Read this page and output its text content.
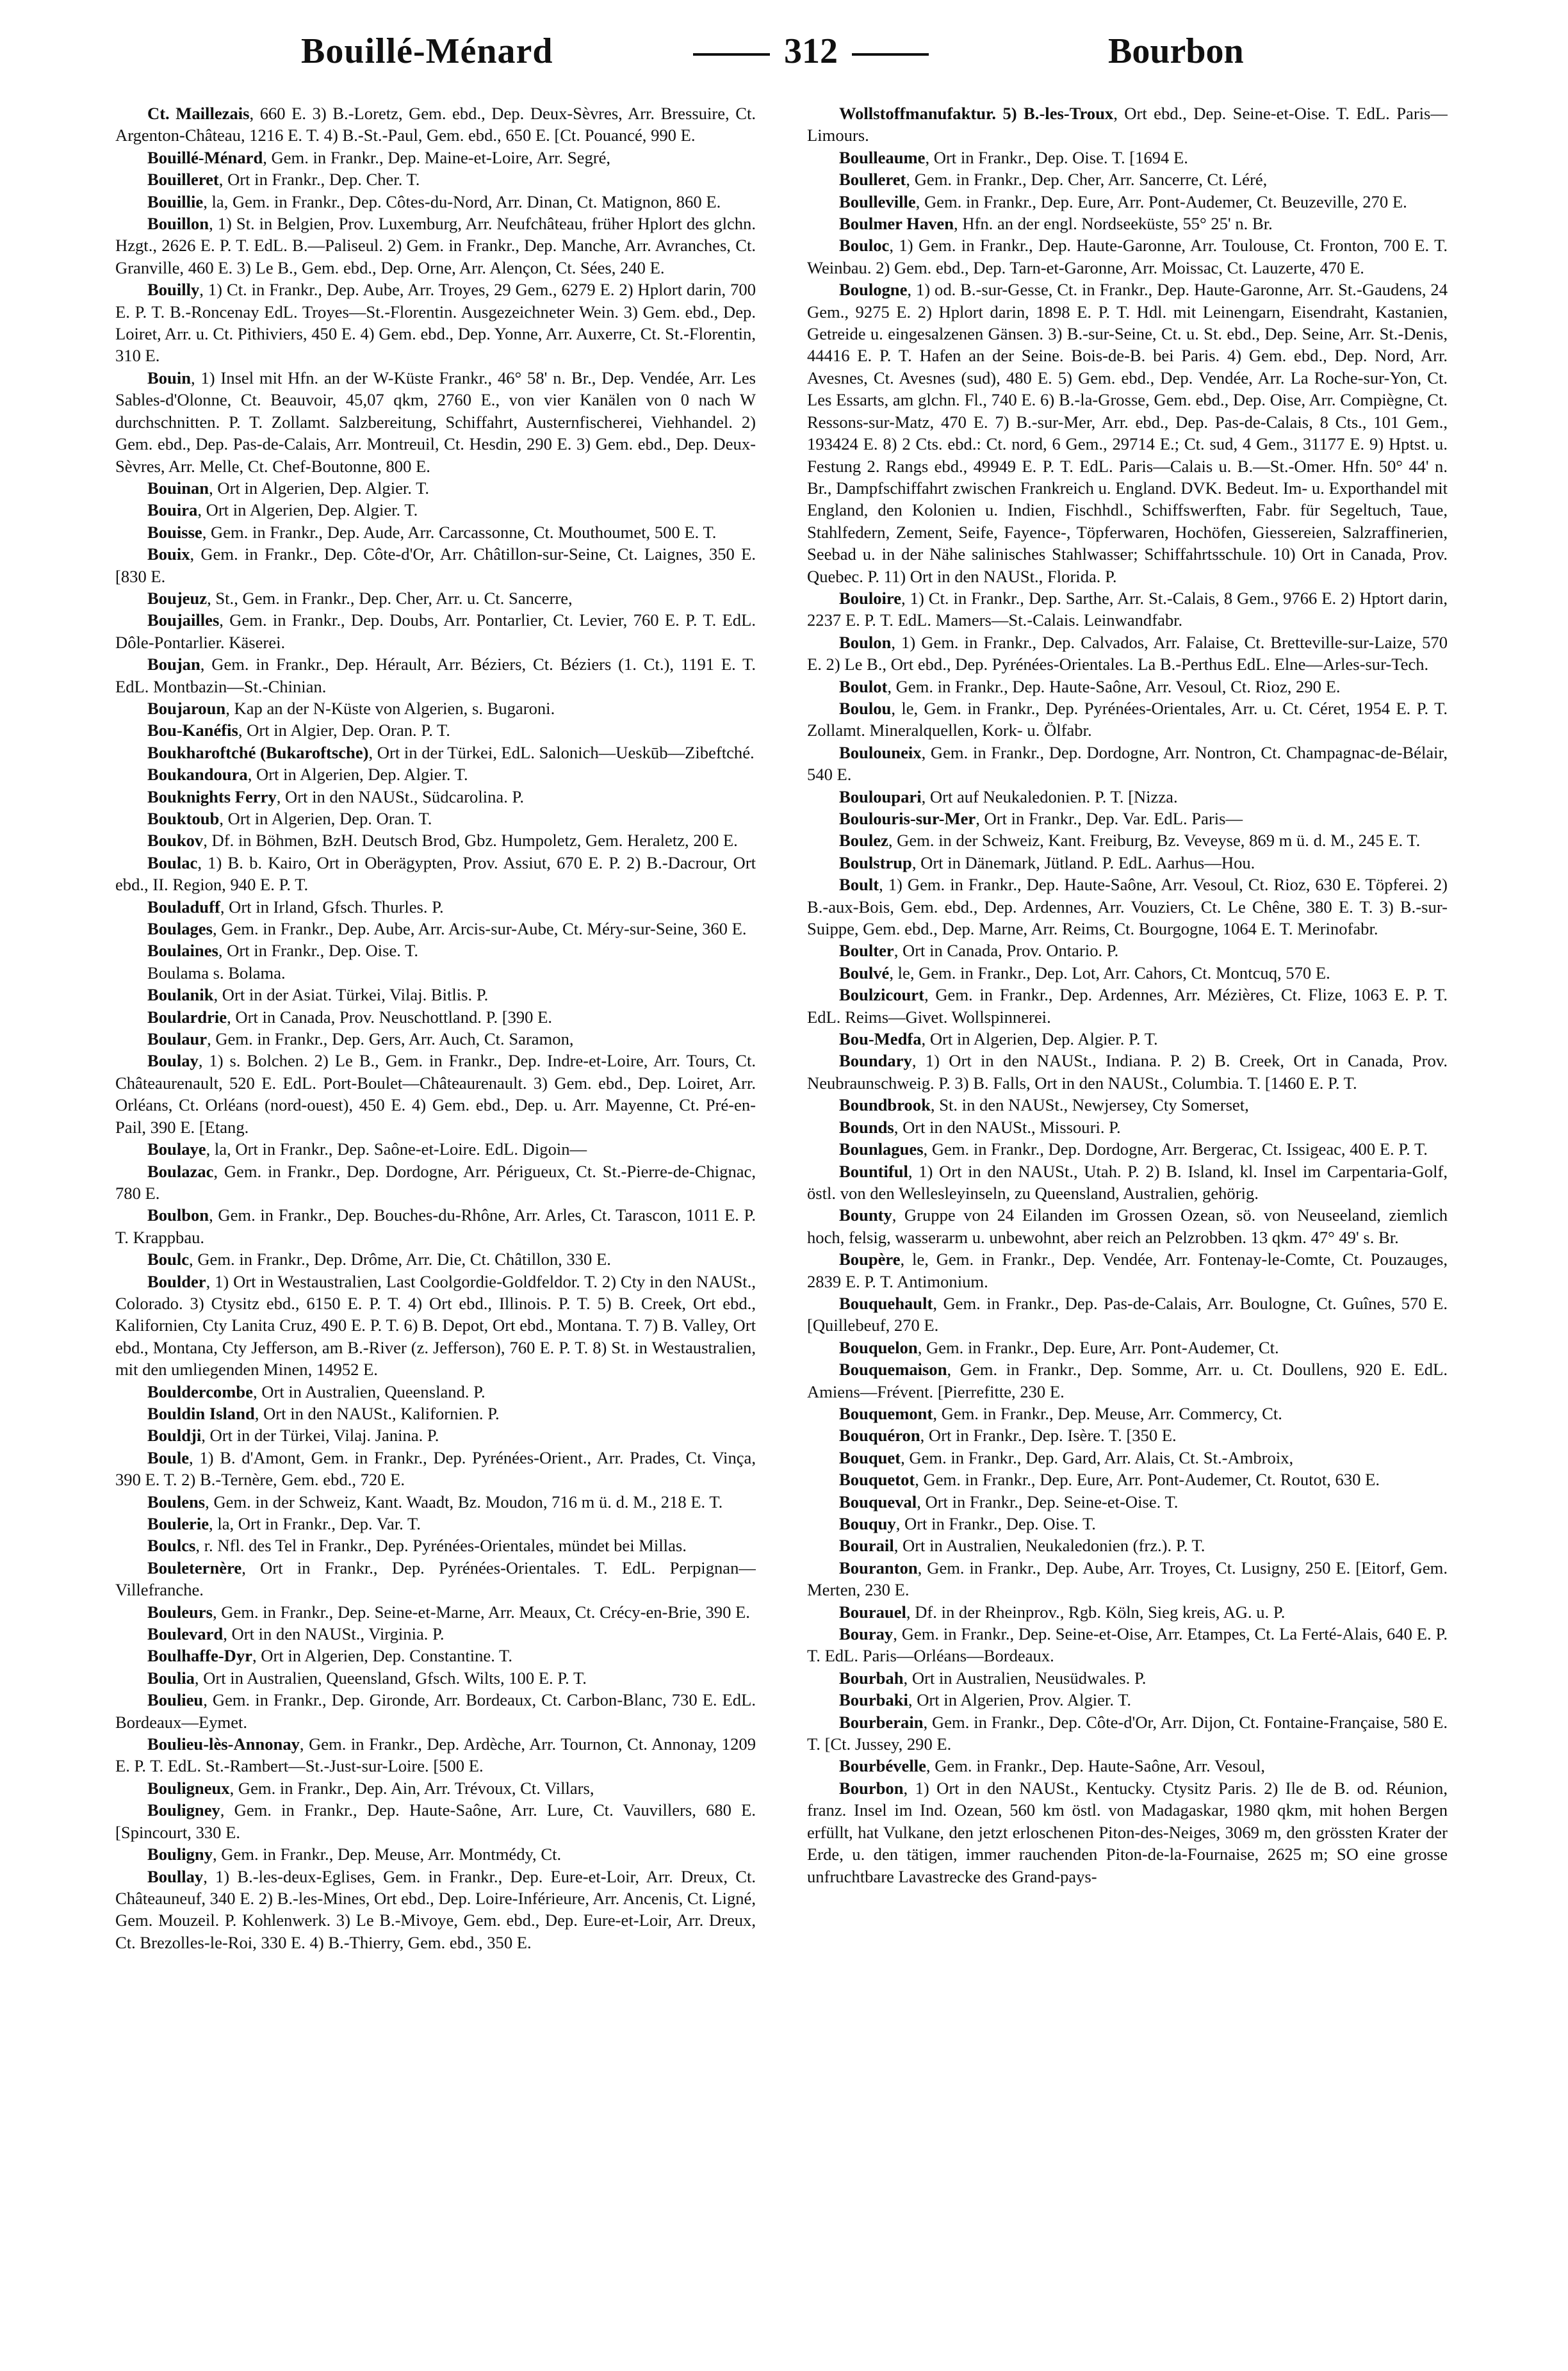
Bouillé-Ménard	312	Bourbon

Ct. Maillezais, 660 E. 3) B.-Loretz, Gem. ebd., Dep. Deux-Sèvres, Arr. Bressuire, Ct. Argenton-Château, 1216 E. T. 4) B.-St.-Paul, Gem. ebd., 650 E. [Ct. Pouancé, 990 E.

Bouillé-Ménard, Gem. in Frankr., Dep. Maine-et-Loire, Arr. Segré,

Bouilleret, Ort in Frankr., Dep. Cher. T.

Bouillie, la, Gem. in Frankr., Dep. Côtes-du-Nord, Arr. Dinan, Ct. Matignon, 860 E.

Bouillon, 1) St. in Belgien, Prov. Luxemburg, Arr. Neufchâteau, früher Hplort des glchn. Hzgt., 2626 E. P. T. EdL. B.—Paliseul. 2) Gem. in Frankr., Dep. Manche, Arr. Avranches, Ct. Granville, 460 E. 3) Le B., Gem. ebd., Dep. Orne, Arr. Alençon, Ct. Sées, 240 E.

Bouilly, 1) Ct. in Frankr., Dep. Aube, Arr. Troyes, 29 Gem., 6279 E. 2) Hplort darin, 700 E. P. T. B.-Roncenay EdL. Troyes—St.-Florentin. Ausgezeichneter Wein. 3) Gem. ebd., Dep. Loiret, Arr. u. Ct. Pithiviers, 450 E. 4) Gem. ebd., Dep. Yonne, Arr. Auxerre, Ct. St.-Florentin, 310 E.

Bouin, 1) Insel mit Hfn. an der W-Küste Frankr., 46° 58' n. Br., Dep. Vendée, Arr. Les Sables-d'Olonne, Ct. Beauvoir, 45,07 qkm, 2760 E., von vier Kanälen von 0 nach W durchschnitten. P. T. Zollamt. Salzbereitung, Schiffahrt, Austernfischerei, Viehhandel. 2) Gem. ebd., Dep. Pas-de-Calais, Arr. Montreuil, Ct. Hesdin, 290 E. 3) Gem. ebd., Dep. Deux-Sèvres, Arr. Melle, Ct. Chef-Boutonne, 800 E.

Bouinan, Ort in Algerien, Dep. Algier. T.

Bouira, Ort in Algerien, Dep. Algier. T.

Bouisse, Gem. in Frankr., Dep. Aude, Arr. Carcassonne, Ct. Mouthoumet, 500 E. T.

Bouix, Gem. in Frankr., Dep. Côte-d'Or, Arr. Châtillon-sur-Seine, Ct. Laignes, 350 E. [830 E.

Boujeuz, St., Gem. in Frankr., Dep. Cher, Arr. u. Ct. Sancerre,

Boujailles, Gem. in Frankr., Dep. Doubs, Arr. Pontarlier, Ct. Levier, 760 E. P. T. EdL. Dôle-Pontarlier. Käserei.

Boujan, Gem. in Frankr., Dep. Hérault, Arr. Béziers, Ct. Béziers (1. Ct.), 1191 E. T. EdL. Montbazin—St.-Chinian.

Boujaroun, Kap an der N-Küste von Algerien, s. Bugaroni.

Bou-Kanéfis, Ort in Algier, Dep. Oran. P. T.

Boukharoftché (Bukaroftsche), Ort in der Türkei, EdL. Salonich—Ueskūb—Zibeftché.

Boukandoura, Ort in Algerien, Dep. Algier. T.

Bouknights Ferry, Ort in den NAUSt., Südcarolina. P.

Bouktoub, Ort in Algerien, Dep. Oran. T.

Boukov, Df. in Böhmen, BzH. Deutsch Brod, Gbz. Humpoletz, Gem. Heraletz, 200 E.

Boulac, 1) B. b. Kairo, Ort in Oberägypten, Prov. Assiut, 670 E. P. 2) B.-Dacrour, Ort ebd., II. Region, 940 E. P. T.

Bouladuff, Ort in Irland, Gfsch. Thurles. P.

Boulages, Gem. in Frankr., Dep. Aube, Arr. Arcis-sur-Aube, Ct. Méry-sur-Seine, 360 E.

Boulaines, Ort in Frankr., Dep. Oise. T.

Boulama s. Bolama.

Boulanik, Ort in der Asiat. Türkei, Vilaj. Bitlis. P.

Boulardrie, Ort in Canada, Prov. Neuschottland. P. [390 E.

Boulaur, Gem. in Frankr., Dep. Gers, Arr. Auch, Ct. Saramon,

Boulay, 1) s. Bolchen. 2) Le B., Gem. in Frankr., Dep. Indre-et-Loire, Arr. Tours, Ct. Châteaurenault, 520 E. EdL. Port-Boulet—Châteaurenault. 3) Gem. ebd., Dep. Loiret, Arr. Orléans, Ct. Orléans (nord-ouest), 450 E. 4) Gem. ebd., Dep. u. Arr. Mayenne, Ct. Pré-en-Pail, 390 E. [Etang.

Boulaye, la, Ort in Frankr., Dep. Saône-et-Loire. EdL. Digoin—

Boulazac, Gem. in Frankr., Dep. Dordogne, Arr. Périgueux, Ct. St.-Pierre-de-Chignac, 780 E.

Boulbon, Gem. in Frankr., Dep. Bouches-du-Rhône, Arr. Arles, Ct. Tarascon, 1011 E. P. T. Krappbau.

Boulc, Gem. in Frankr., Dep. Drôme, Arr. Die, Ct. Châtillon, 330 E.

Boulder, 1) Ort in Westaustralien, Last Coolgordie-Goldfeldor. T. 2) Cty in den NAUSt., Colorado. 3) Ctysitz ebd., 6150 E. P. T. 4) Ort ebd., Illinois. P. T. 5) B. Creek, Ort ebd., Kalifornien, Cty Lanita Cruz, 490 E. P. T. 6) B. Depot, Ort ebd., Montana. T. 7) B. Valley, Ort ebd., Montana, Cty Jefferson, am B.-River (z. Jefferson), 760 E. P. T. 8) St. in Westaustralien, mit den umliegenden Minen, 14952 E.

Bouldercombe, Ort in Australien, Queensland. P.

Bouldin Island, Ort in den NAUSt., Kalifornien. P.

Bouldji, Ort in der Türkei, Vilaj. Janina. P.

Boule, 1) B. d'Amont, Gem. in Frankr., Dep. Pyrénées-Orient., Arr. Prades, Ct. Vinça, 390 E. T. 2) B.-Ternère, Gem. ebd., 720 E.

Boulens, Gem. in der Schweiz, Kant. Waadt, Bz. Moudon, 716 m ü. d. M., 218 E. T.

Boulerie, la, Ort in Frankr., Dep. Var. T.

Boulcs, r. Nfl. des Tel in Frankr., Dep. Pyrénées-Orientales, mündet bei Millas.

Bouleternère, Ort in Frankr., Dep. Pyrénées-Orientales. T. EdL. Perpignan—Villefranche.

Bouleurs, Gem. in Frankr., Dep. Seine-et-Marne, Arr. Meaux, Ct. Crécy-en-Brie, 390 E.

Boulevard, Ort in den NAUSt., Virginia. P.

Boulhaffe-Dyr, Ort in Algerien, Dep. Constantine. T.

Boulia, Ort in Australien, Queensland, Gfsch. Wilts, 100 E. P. T.

Boulieu, Gem. in Frankr., Dep. Gironde, Arr. Bordeaux, Ct. Carbon-Blanc, 730 E. EdL. Bordeaux—Eymet.

Boulieu-lès-Annonay, Gem. in Frankr., Dep. Ardèche, Arr. Tournon, Ct. Annonay, 1209 E. P. T. EdL. St.-Rambert—St.-Just-sur-Loire. [500 E.

Bouligneux, Gem. in Frankr., Dep. Ain, Arr. Trévoux, Ct. Villars,

Bouligney, Gem. in Frankr., Dep. Haute-Saône, Arr. Lure, Ct. Vauvillers, 680 E. [Spincourt, 330 E.

Bouligny, Gem. in Frankr., Dep. Meuse, Arr. Montmédy, Ct.

Boullay, 1) B.-les-deux-Eglises, Gem. in Frankr., Dep. Eure-et-Loir, Arr. Dreux, Ct. Châteauneuf, 340 E. 2) B.-les-Mines, Ort ebd., Dep. Loire-Inférieure, Arr. Ancenis, Ct. Ligné, Gem. Mouzeil. P. Kohlenwerk. 3) Le B.-Mivoye, Gem. ebd., Dep. Eure-et-Loir, Arr. Dreux, Ct. Brezolles-le-Roi, 330 E. 4) B.-Thierry, Gem. ebd., 350 E.

Wollstoffmanufaktur. 5) B.-les-Troux, Ort ebd., Dep. Seine-et-Oise. T. EdL. Paris—Limours.

Boulleaume, Ort in Frankr., Dep. Oise. T. [1694 E.

Boulleret, Gem. in Frankr., Dep. Cher, Arr. Sancerre, Ct. Léré,

Boulleville, Gem. in Frankr., Dep. Eure, Arr. Pont-Audemer, Ct. Beuzeville, 270 E.

Boulmer Haven, Hfn. an der engl. Nordseeküste, 55° 25' n. Br.

Bouloc, 1) Gem. in Frankr., Dep. Haute-Garonne, Arr. Toulouse, Ct. Fronton, 700 E. T. Weinbau. 2) Gem. ebd., Dep. Tarn-et-Garonne, Arr. Moissac, Ct. Lauzerte, 470 E.

Boulogne, 1) od. B.-sur-Gesse, Ct. in Frankr., Dep. Haute-Garonne, Arr. St.-Gaudens, 24 Gem., 9275 E. 2) Hplort darin, 1898 E. P. T. Hdl. mit Leinengarn, Eisendraht, Kastanien, Getreide u. eingesalzenen Gänsen. 3) B.-sur-Seine, Ct. u. St. ebd., Dep. Seine, Arr. St.-Denis, 44416 E. P. T. Hafen an der Seine. Bois-de-B. bei Paris. 4) Gem. ebd., Dep. Nord, Arr. Avesnes, Ct. Avesnes (sud), 480 E. 5) Gem. ebd., Dep. Vendée, Arr. La Roche-sur-Yon, Ct. Les Essarts, am glchn. Fl., 740 E. 6) B.-la-Grosse, Gem. ebd., Dep. Oise, Arr. Compiègne, Ct. Ressons-sur-Matz, 470 E. 7) B.-sur-Mer, Arr. ebd., Dep. Pas-de-Calais, 8 Cts., 101 Gem., 193424 E. 8) 2 Cts. ebd.: Ct. nord, 6 Gem., 29714 E.; Ct. sud, 4 Gem., 31177 E. 9) Hptst. u. Festung 2. Rangs ebd., 49949 E. P. T. EdL. Paris—Calais u. B.—St.-Omer. Hfn. 50° 44' n. Br., Dampfschiffahrt zwischen Frankreich u. England. DVK. Bedeut. Im- u. Exporthandel mit England, den Kolonien u. Indien, Fischhdl., Schiffswerften, Fabr. für Segeltuch, Taue, Stahlfedern, Zement, Seife, Fayence-, Töpferwaren, Hochöfen, Giessereien, Salzraffinerien, Seebad u. in der Nähe salinisches Stahlwasser; Schiffahrtsschule. 10) Ort in Canada, Prov. Quebec. P. 11) Ort in den NAUSt., Florida. P.

Bouloire, 1) Ct. in Frankr., Dep. Sarthe, Arr. St.-Calais, 8 Gem., 9766 E. 2) Hptort darin, 2237 E. P. T. EdL. Mamers—St.-Calais. Leinwandfabr.

Boulon, 1) Gem. in Frankr., Dep. Calvados, Arr. Falaise, Ct. Bretteville-sur-Laize, 570 E. 2) Le B., Ort ebd., Dep. Pyrénées-Orientales. La B.-Perthus EdL. Elne—Arles-sur-Tech.

Boulot, Gem. in Frankr., Dep. Haute-Saône, Arr. Vesoul, Ct. Rioz, 290 E.

Boulou, le, Gem. in Frankr., Dep. Pyrénées-Orientales, Arr. u. Ct. Céret, 1954 E. P. T. Zollamt. Mineralquellen, Kork- u. Ölfabr.

Boulouneix, Gem. in Frankr., Dep. Dordogne, Arr. Nontron, Ct. Champagnac-de-Bélair, 540 E.

Bouloupari, Ort auf Neukaledonien. P. T. [Nizza.

Boulouris-sur-Mer, Ort in Frankr., Dep. Var. EdL. Paris—

Boulez, Gem. in der Schweiz, Kant. Freiburg, Bz. Veveyse, 869 m ü. d. M., 245 E. T.

Boulstrup, Ort in Dänemark, Jütland. P. EdL. Aarhus—Hou.

Boult, 1) Gem. in Frankr., Dep. Haute-Saône, Arr. Vesoul, Ct. Rioz, 630 E. Töpferei. 2) B.-aux-Bois, Gem. ebd., Dep. Ardennes, Arr. Vouziers, Ct. Le Chêne, 380 E. T. 3) B.-sur-Suippe, Gem. ebd., Dep. Marne, Arr. Reims, Ct. Bourgogne, 1064 E. T. Merinofabr.

Boulter, Ort in Canada, Prov. Ontario. P.

Boulvé, le, Gem. in Frankr., Dep. Lot, Arr. Cahors, Ct. Montcuq, 570 E.

Boulzicourt, Gem. in Frankr., Dep. Ardennes, Arr. Mézières, Ct. Flize, 1063 E. P. T. EdL. Reims—Givet. Wollspinnerei.

Bou-Medfa, Ort in Algerien, Dep. Algier. P. T.

Boundary, 1) Ort in den NAUSt., Indiana. P. 2) B. Creek, Ort in Canada, Prov. Neubraunschweig. P. 3) B. Falls, Ort in den NAUSt., Columbia. T. [1460 E. P. T.

Boundbrook, St. in den NAUSt., Newjersey, Cty Somerset,

Bounds, Ort in den NAUSt., Missouri. P.

Bounlagues, Gem. in Frankr., Dep. Dordogne, Arr. Bergerac, Ct. Issigeac, 400 E. P. T.

Bountiful, 1) Ort in den NAUSt., Utah. P. 2) B. Island, kl. Insel im Carpentaria-Golf, östl. von den Wellesleyinseln, zu Queensland, Australien, gehörig.

Bounty, Gruppe von 24 Eilanden im Grossen Ozean, sö. von Neuseeland, ziemlich hoch, felsig, wasserarm u. unbewohnt, aber reich an Pelzrobben. 13 qkm. 47° 49' s. Br.

Boupère, le, Gem. in Frankr., Dep. Vendée, Arr. Fontenay-le-Comte, Ct. Pouzauges, 2839 E. P. T. Antimonium.

Bouquehault, Gem. in Frankr., Dep. Pas-de-Calais, Arr. Boulogne, Ct. Guînes, 570 E. [Quillebeuf, 270 E.

Bouquelon, Gem. in Frankr., Dep. Eure, Arr. Pont-Audemer, Ct.

Bouquemaison, Gem. in Frankr., Dep. Somme, Arr. u. Ct. Doullens, 920 E. EdL. Amiens—Frévent. [Pierrefitte, 230 E.

Bouquemont, Gem. in Frankr., Dep. Meuse, Arr. Commercy, Ct.

Bouquéron, Ort in Frankr., Dep. Isère. T. [350 E.

Bouquet, Gem. in Frankr., Dep. Gard, Arr. Alais, Ct. St.-Ambroix,

Bouquetot, Gem. in Frankr., Dep. Eure, Arr. Pont-Audemer, Ct. Routot, 630 E.

Bouqueval, Ort in Frankr., Dep. Seine-et-Oise. T.

Bouquy, Ort in Frankr., Dep. Oise. T.

Bourail, Ort in Australien, Neukaledonien (frz.). P. T.

Bouranton, Gem. in Frankr., Dep. Aube, Arr. Troyes, Ct. Lusigny, 250 E. [Eitorf, Gem. Merten, 230 E.

Bourauel, Df. in der Rheinprov., Rgb. Köln, Sieg kreis, AG. u. P.

Bouray, Gem. in Frankr., Dep. Seine-et-Oise, Arr. Etampes, Ct. La Ferté-Alais, 640 E. P. T. EdL. Paris—Orléans—Bordeaux.

Bourbah, Ort in Australien, Neusüdwales. P.

Bourbaki, Ort in Algerien, Prov. Algier. T.

Bourberain, Gem. in Frankr., Dep. Côte-d'Or, Arr. Dijon, Ct. Fontaine-Française, 580 E. T. [Ct. Jussey, 290 E.

Bourbévelle, Gem. in Frankr., Dep. Haute-Saône, Arr. Vesoul,

Bourbon, 1) Ort in den NAUSt., Kentucky. Ctysitz Paris. 2) Ile de B. od. Réunion, franz. Insel im Ind. Ozean, 560 km östl. von Madagaskar, 1980 qkm, mit hohen Bergen erfüllt, hat Vulkane, den jetzt erloschenen Piton-des-Neiges, 3069 m, den grössten Krater der Erde, u. den tätigen, immer rauchenden Piton-de-la-Fournaise, 2625 m; SO eine grosse unfruchtbare Lavastrecke des Grand-pays-
